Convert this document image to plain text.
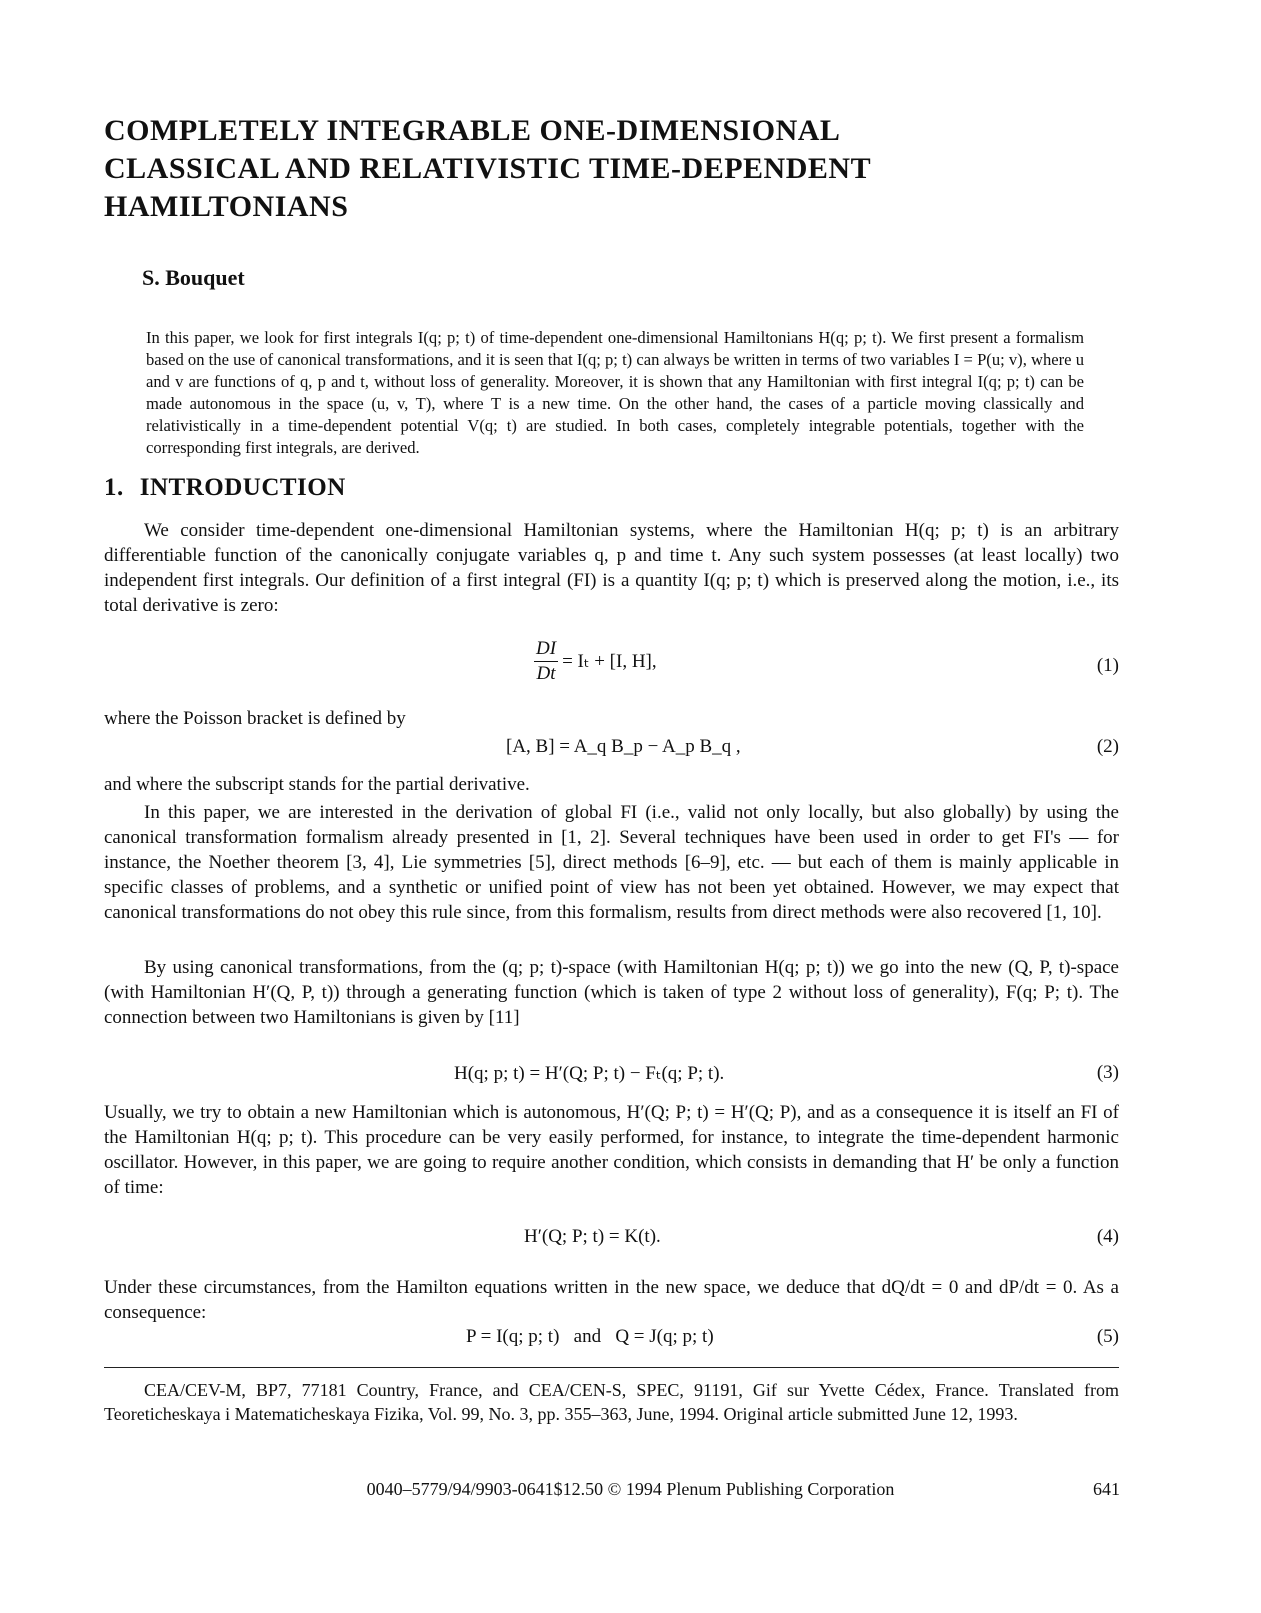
COMPLETELY INTEGRABLE ONE-DIMENSIONAL
CLASSICAL AND RELATIVISTIC TIME-DEPENDENT
HAMILTONIANS
S. Bouquet
In this paper, we look for first integrals I(q; p; t) of time-dependent one-dimensional Hamiltonians H(q; p; t). We first present a formalism based on the use of canonical transformations, and it is seen that I(q; p; t) can always be written in terms of two variables I = P(u; v), where u and v are functions of q, p and t, without loss of generality. Moreover, it is shown that any Hamiltonian with first integral I(q; p; t) can be made autonomous in the space (u, v, T), where T is a new time. On the other hand, the cases of a particle moving classically and relativistically in a time-dependent potential V(q; t) are studied. In both cases, completely integrable potentials, together with the corresponding first integrals, are derived.
1. INTRODUCTION
We consider time-dependent one-dimensional Hamiltonian systems, where the Hamiltonian H(q; p; t) is an arbitrary differentiable function of the canonically conjugate variables q, p and time t. Any such system possesses (at least locally) two independent first integrals. Our definition of a first integral (FI) is a quantity I(q; p; t) which is preserved along the motion, i.e., its total derivative is zero:
$\frac{DI}{Dt} = I_t + [I$, H],	(1)
where the Poisson bracket is defined by
[A, B] = A_q B_p − A_p B_q ,	(2)
and where the subscript stands for the partial derivative.
In this paper, we are interested in the derivation of global FI (i.e., valid not only locally, but also globally) by using the canonical transformation formalism already presented in [1, 2]. Several techniques have been used in order to get FI's — for instance, the Noether theorem [3, 4], Lie symmetries [5], direct methods [6–9], etc. — but each of them is mainly applicable in specific classes of problems, and a synthetic or unified point of view has not been yet obtained. However, we may expect that canonical transformations do not obey this rule since, from this formalism, results from direct methods were also recovered [1, 10].
By using canonical transformations, from the (q; p; t)-space (with Hamiltonian H(q; p; t)) we go into the new (Q, P, t)-space (with Hamiltonian H′(Q, P, t)) through a generating function (which is taken of type 2 without loss of generality), F(q; P; t). The connection between two Hamiltonians is given by [11]
H(q; p; t) = H′(Q; P; t) − Fₜ(q; P; t).	(3)
Usually, we try to obtain a new Hamiltonian which is autonomous, H′(Q; P; t) = H′(Q; P), and as a consequence it is itself an FI of the Hamiltonian H(q; p; t). This procedure can be very easily performed, for instance, to integrate the time-dependent harmonic oscillator. However, in this paper, we are going to require another condition, which consists in demanding that H′ be only a function of time:
H′(Q; P; t) = K(t).	(4)
Under these circumstances, from the Hamilton equations written in the new space, we deduce that dQ/dt = 0 and dP/dt = 0. As a consequence:
P = I(q; p; t)   and   Q = J(q; p; t)	(5)
CEA/CEV-M, BP7, 77181 Country, France, and CEA/CEN-S, SPEC, 91191, Gif sur Yvette Cédex, France. Translated from Teoreticheskaya i Matematicheskaya Fizika, Vol. 99, No. 3, pp. 355–363, June, 1994. Original article submitted June 12, 1993.
0040–5779/94/9903-0641$12.50 © 1994 Plenum Publishing Corporation	641
